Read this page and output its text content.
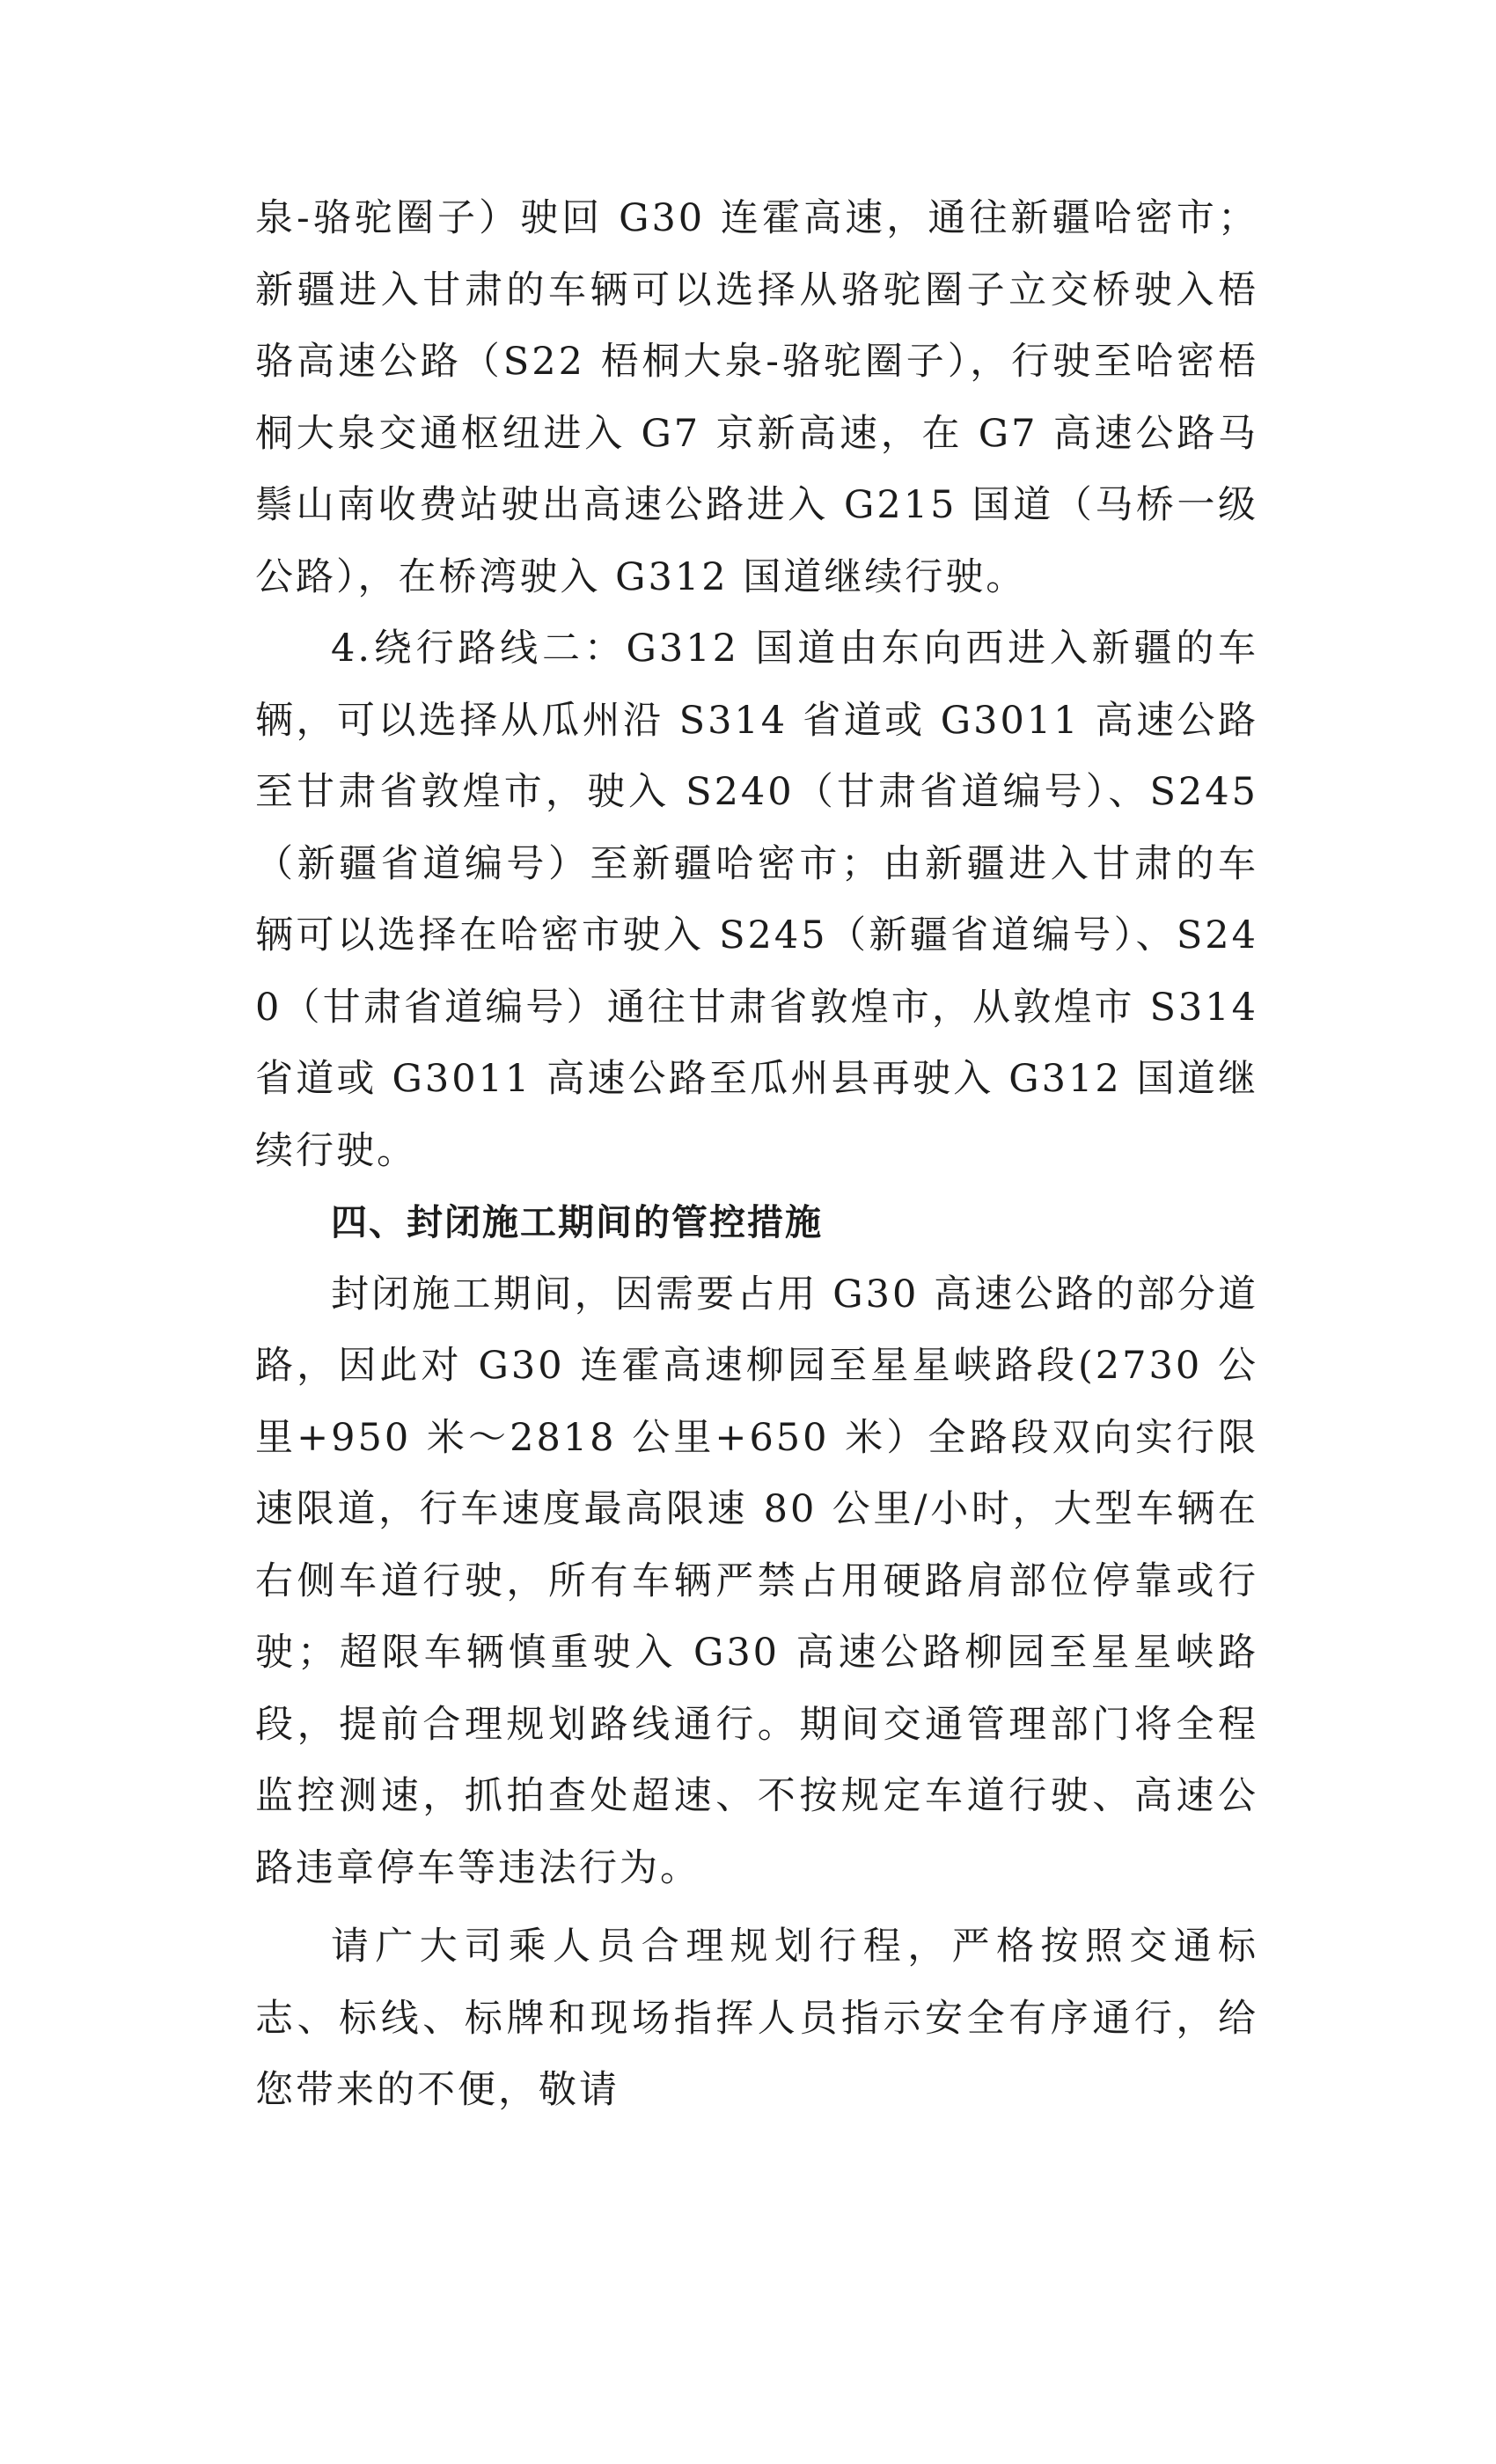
泉-骆驼圈子）驶回 G30 连霍高速，通往新疆哈密市；新疆进入甘肃的车辆可以选择从骆驼圈子立交桥驶入梧骆高速公路（S22 梧桐大泉-骆驼圈子），行驶至哈密梧桐大泉交通枢纽进入 G7 京新高速，在 G7 高速公路马鬃山南收费站驶出高速公路进入 G215 国道（马桥一级公路），在桥湾驶入 G312 国道继续行驶。

4.绕行路线二：G312 国道由东向西进入新疆的车辆，可以选择从瓜州沿 S314 省道或 G3011 高速公路至甘肃省敦煌市，驶入 S240（甘肃省道编号）、S245（新疆省道编号）至新疆哈密市；由新疆进入甘肃的车辆可以选择在哈密市驶入 S245（新疆省道编号）、S240（甘肃省道编号）通往甘肃省敦煌市，从敦煌市 S314 省道或 G3011 高速公路至瓜州县再驶入 G312 国道继续行驶。

四、封闭施工期间的管控措施

封闭施工期间，因需要占用 G30 高速公路的部分道路，因此对 G30 连霍高速柳园至星星峡路段(2730 公里+950 米～2818 公里+650 米）全路段双向实行限速限道，行车速度最高限速 80 公里/小时，大型车辆在右侧车道行驶，所有车辆严禁占用硬路肩部位停靠或行驶；超限车辆慎重驶入 G30 高速公路柳园至星星峡路段，提前合理规划路线通行。期间交通管理部门将全程监控测速，抓拍查处超速、不按规定车道行驶、高速公路违章停车等违法行为。

请广大司乘人员合理规划行程，严格按照交通标志、标线、标牌和现场指挥人员指示安全有序通行，给您带来的不便，敬请
